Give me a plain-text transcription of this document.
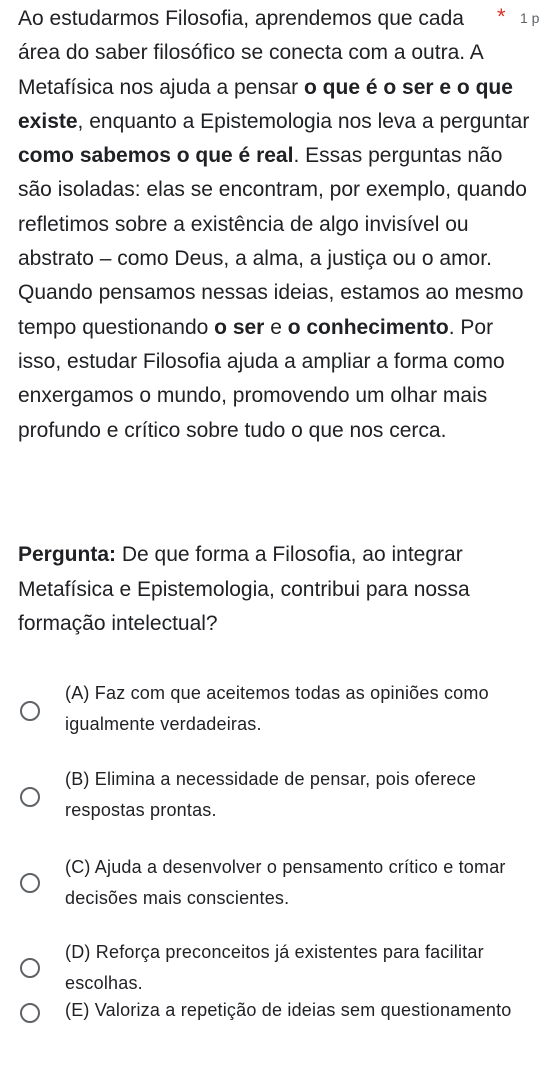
* 1 p

Ao estudarmos Filosofia, aprendemos que cada
área do saber filosófico se conecta com a outra. A Metafísica nos ajuda a pensar o que é o ser e o que existe, enquanto a Epistemologia nos leva a perguntar como sabemos o que é real. Essas perguntas não são isoladas: elas se encontram, por exemplo, quando refletimos sobre a existência de algo invisível ou abstrato – como Deus, a alma, a justiça ou o amor. Quando pensamos nessas ideias, estamos ao mesmo tempo questionando o ser e o conhecimento. Por isso, estudar Filosofia ajuda a ampliar a forma como enxergamos o mundo, promovendo um olhar mais profundo e crítico sobre tudo o que nos cerca.

Pergunta: De que forma a Filosofia, ao integrar Metafísica e Epistemologia, contribui para nossa formação intelectual?

(A) Faz com que aceitemos todas as opiniões como
igualmente verdadeiras.

(B) Elimina a necessidade de pensar, pois oferece
respostas prontas.

(C) Ajuda a desenvolver o pensamento crítico e tomar
decisões mais conscientes.

(D) Reforça preconceitos já existentes para facilitar
escolhas.

(E) Valoriza a repetição de ideias sem questionamento
